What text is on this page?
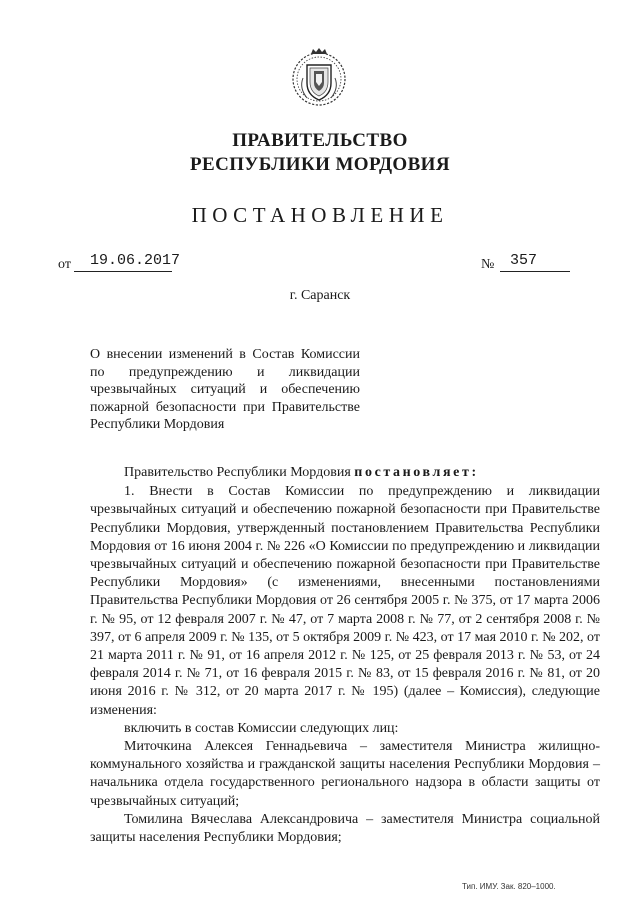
ПРАВИТЕЛЬСТВО
РЕСПУБЛИКИ МОРДОВИЯ
ПОСТАНОВЛЕНИЕ
от 19.06.2017	№ 357
г. Саранск
О внесении изменений в Состав Комиссии по предупреждению и ликвидации чрезвычайных ситуаций и обеспечению пожарной безопасности при Правительстве Республики Мордовия

Правительство Республики Мордовия постановляет:

1. Внести в Состав Комиссии по предупреждению и ликвидации чрезвычайных ситуаций и обеспечению пожарной безопасности при Правительстве Республики Мордовия, утвержденный постановлением Правительства Республики Мордовия от 16 июня 2004 г. № 226 «О Комиссии по предупреждению и ликвидации чрезвычайных ситуаций и обеспечению пожарной безопасности при Правительстве Республики Мордовия» (с изменениями, внесенными постановлениями Правительства Республики Мордовия от 26 сентября 2005 г. № 375, от 17 марта 2006 г. № 95, от 12 февраля 2007 г. № 47, от 7 марта 2008 г. № 77, от 2 сентября 2008 г. № 397, от 6 апреля 2009 г. № 135, от 5 октября 2009 г. № 423, от 17 мая 2010 г. № 202, от 21 марта 2011 г. № 91, от 16 апреля 2012 г. № 125, от 25 февраля 2013 г. № 53, от 24 февраля 2014 г. № 71, от 16 февраля 2015 г. № 83, от 15 февраля 2016 г. № 81, от 20 июня 2016 г. № 312, от 20 марта 2017 г. № 195) (далее – Комиссия), следующие изменения:

включить в состав Комиссии следующих лиц:

Миточкина Алексея Геннадьевича – заместителя Министра жилищно-коммунального хозяйства и гражданской защиты населения Республики Мордовия – начальника отдела государственного регионального надзора в области защиты от чрезвычайных ситуаций;

Томилина Вячеслава Александровича – заместителя Министра социальной защиты населения Республики Мордовия;

Тип. ИМУ. Зак. 820–1000.
